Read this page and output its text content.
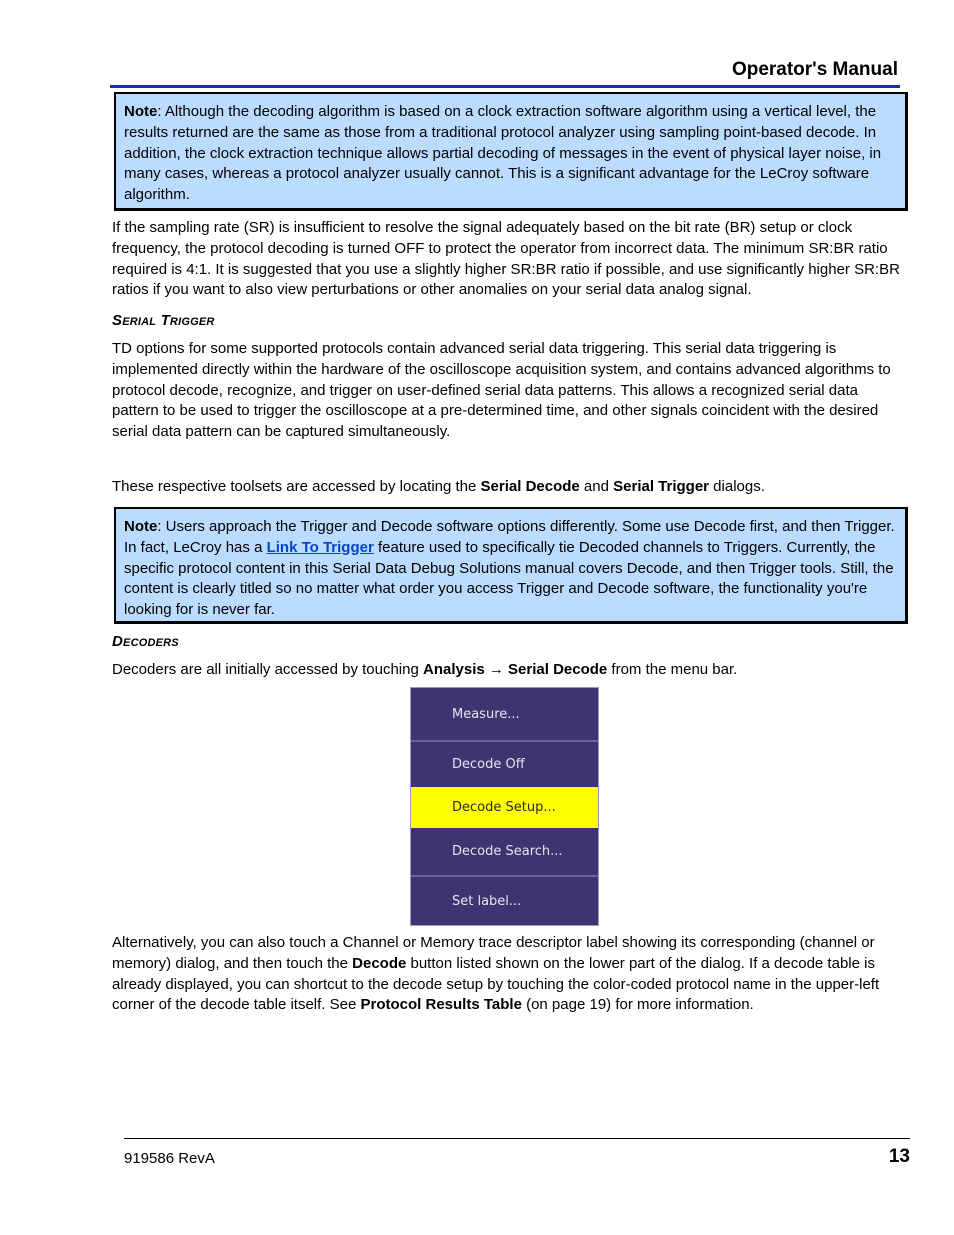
Operator's Manual
Note: Although the decoding algorithm is based on a clock extraction software algorithm using a vertical level, the results returned are the same as those from a traditional protocol analyzer using sampling point-based decode. In addition, the clock extraction technique allows partial decoding of messages in the event of physical layer noise, in many cases, whereas a protocol analyzer usually cannot. This is a significant advantage for the LeCroy software algorithm.
If the sampling rate (SR) is insufficient to resolve the signal adequately based on the bit rate (BR) setup or clock frequency, the protocol decoding is turned OFF to protect the operator from incorrect data. The minimum SR:BR ratio required is 4:1. It is suggested that you use a slightly higher SR:BR ratio if possible, and use significantly higher SR:BR ratios if you want to also view perturbations or other anomalies on your serial data analog signal.
Serial Trigger
TD options for some supported protocols contain advanced serial data triggering. This serial data triggering is implemented directly within the hardware of the oscilloscope acquisition system, and contains advanced algorithms to protocol decode, recognize, and trigger on user-defined serial data patterns. This allows a recognized serial data pattern to be used to trigger the oscilloscope at a pre-determined time, and other signals coincident with the desired serial data pattern can be captured simultaneously.
These respective toolsets are accessed by locating the Serial Decode and Serial Trigger dialogs.
Note: Users approach the Trigger and Decode software options differently. Some use Decode first, and then Trigger. In fact, LeCroy has a Link To Trigger feature used to specifically tie Decoded channels to Triggers. Currently, the specific protocol content in this Serial Data Debug Solutions manual covers Decode, and then Trigger tools. Still, the content is clearly titled so no matter what order you access Trigger and Decode software, the functionality you're looking for is never far.
Decoders
Decoders are all initially accessed by touching Analysis → Serial Decode from the menu bar.
Measure...
Decode Off
Decode Setup...
Decode Search...
Set label...
Alternatively, you can also touch a Channel or Memory trace descriptor label showing its corresponding (channel or memory) dialog, and then touch the Decode button listed shown on the lower part of the dialog. If a decode table is already displayed, you can shortcut to the decode setup by touching the color-coded protocol name in the upper-left corner of the decode table itself. See Protocol Results Table (on page 19) for more information.
919586 RevA	13
